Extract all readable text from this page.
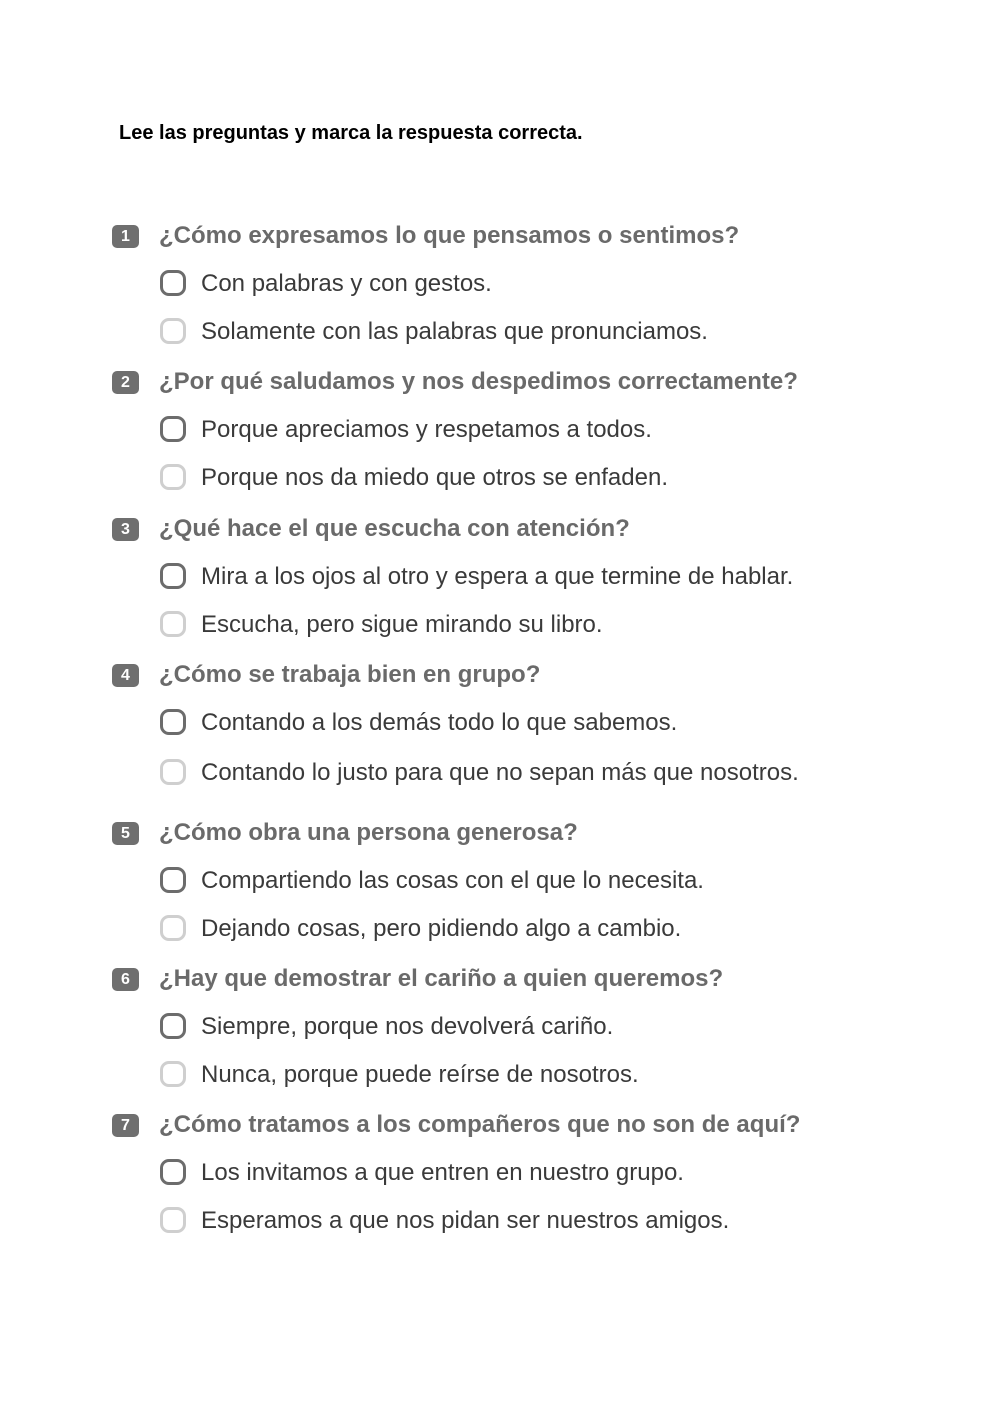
Lee las preguntas y marca la respuesta correcta.

1	¿Cómo expresamos lo que pensamos o sentimos?
Con palabras y con gestos.
Solamente con las palabras que pronunciamos.
2	¿Por qué saludamos y nos despedimos correctamente?
Porque apreciamos y respetamos a todos.
Porque nos da miedo que otros se enfaden.
3	¿Qué hace el que escucha con atención?
Mira a los ojos al otro y espera a que termine de hablar.
Escucha, pero sigue mirando su libro.
4	¿Cómo se trabaja bien en grupo?
Contando a los demás todo lo que sabemos.
Contando lo justo para que no sepan más que nosotros.
5	¿Cómo obra una persona generosa?
Compartiendo las cosas con el que lo necesita.
Dejando cosas, pero pidiendo algo a cambio.
6	¿Hay que demostrar el cariño a quien queremos?
Siempre, porque nos devolverá cariño.
Nunca, porque puede reírse de nosotros.
7	¿Cómo tratamos a los compañeros que no son de aquí?
Los invitamos a que entren en nuestro grupo.
Esperamos a que nos pidan ser nuestros amigos.
